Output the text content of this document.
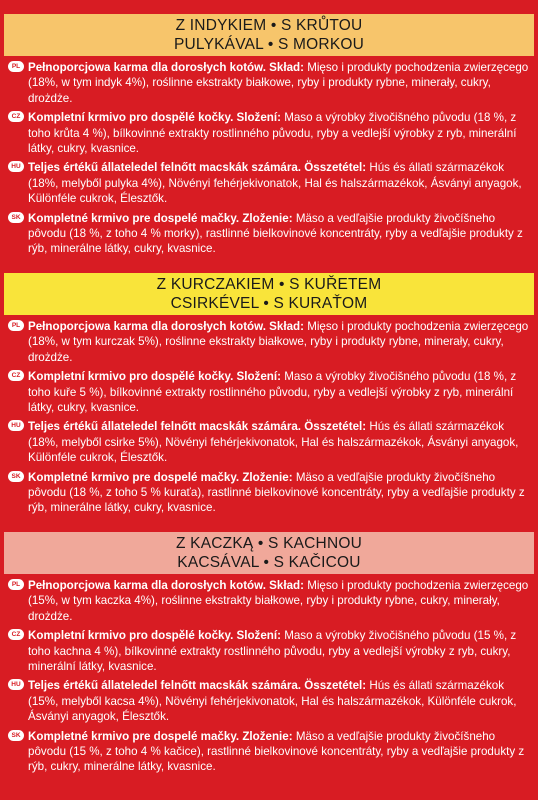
Z INDYKIEM • S KRŮTOU
PULYKÁVAL • S MORKOU
PL Pełnoporcjowa karma dla dorosłych kotów. Skład: Mięso i produkty pochodzenia zwierzęcego (18%, w tym indyk 4%), roślinne ekstrakty białkowe, ryby i produkty rybne, minerały, cukry, drożdże.
CZ Kompletní krmivo pro dospělé kočky. Složení: Maso a výrobky živočišného původu (18 %, z toho krůta 4 %), bílkovinné extrakty rostlinného původu, ryby a vedlejší výrobky z ryb, minerální látky, cukry, kvasnice.
HU Teljes értékű állateledel felnőtt macskák számára. Összetétel: Hús és állati származékok (18%, melyből pulyka 4%), Növényi fehérjekivonatok, Hal és halszármazékok, Ásványi anyagok, Különféle cukrok, Élesztők.
SK Kompletné krmivo pre dospelé mačky. Zloženie: Mäso a vedľajšie produkty živočíšneho pôvodu (18 %, z toho 4 % morky), rastlinné bielkovinové koncentráty, ryby a vedľajšie produkty z rýb, minerálne látky, cukry, kvasnice.
Z KURCZAKIEM • S KUŘETEM
CSIRKÉVEL • S KURAŤOM
PL Pełnoporcjowa karma dla dorosłych kotów. Skład: Mięso i produkty pochodzenia zwierzęcego (18%, w tym kurczak 5%), roślinne ekstrakty białkowe, ryby i produkty rybne, minerały, cukry, drożdże.
CZ Kompletní krmivo pro dospělé kočky. Složení: Maso a výrobky živočišného původu (18 %, z toho kuře 5 %), bílkovinné extrakty rostlinného původu, ryby a vedlejší výrobky z ryb, minerální látky, cukry, kvasnice.
HU Teljes értékű állateledel felnőtt macskák számára. Összetétel: Hús és állati származékok (18%, melyből csirke 5%), Növényi fehérjekivonatok, Hal és halszármazékok, Ásványi anyagok, Különféle cukrok, Élesztők.
SK Kompletné krmivo pre dospelé mačky. Zloženie: Mäso a vedľajšie produkty živočíšneho pôvodu (18 %, z toho 5 % kuraťa), rastlinné bielkovinové koncentráty, ryby a vedľajšie produkty z rýb, minerálne látky, cukry, kvasnice.
Z KACZKĄ • S KACHNOU
KACSÁVAL • S KAČICOU
PL Pełnoporcjowa karma dla dorosłych kotów. Skład: Mięso i produkty pochodzenia zwierzęcego (15%, w tym kaczka 4%), roślinne ekstrakty białkowe, ryby i produkty rybne, cukry, minerały, drożdże.
CZ Kompletní krmivo pro dospělé kočky. Složení: Maso a výrobky živočišného původu (15 %, z toho kachna 4 %), bílkovinné extrakty rostlinného původu, ryby a vedlejší výrobky z ryb, cukry, minerální látky, kvasnice.
HU Teljes értékű állateledel felnőtt macskák számára. Összetétel: Hús és állati származékok (15%, melyből kacsa 4%), Növényi fehérjekivonatok, Hal és halszármazékok, Különféle cukrok, Ásványi anyagok, Élesztők.
SK Kompletné krmivo pre dospelé mačky. Zloženie: Mäso a vedľajšie produkty živočíšneho pôvodu (15 %, z toho 4 % kačice), rastlinné bielkovinové koncentráty, ryby a vedľajšie produkty z rýb, cukry, minerálne látky, kvasnice.
